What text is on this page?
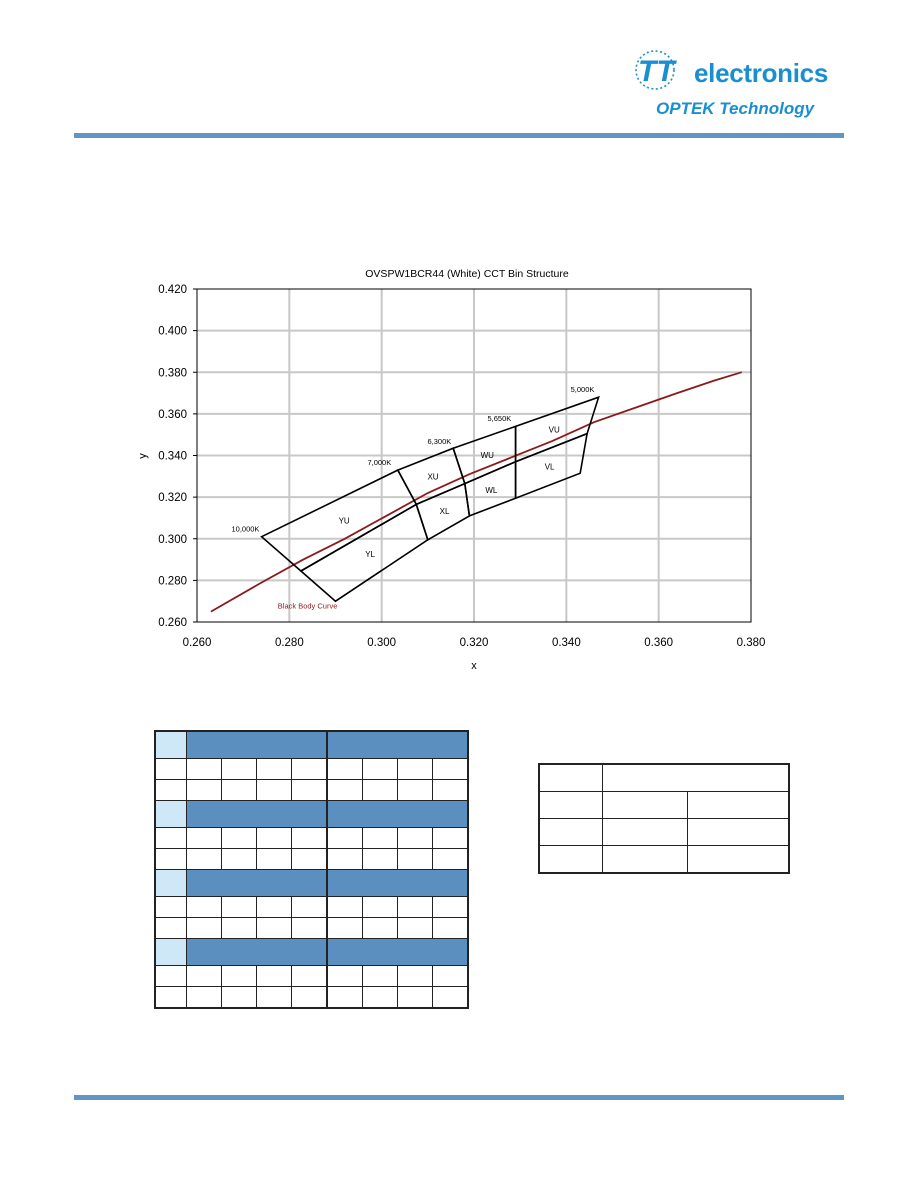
TT electronics
OPTEK Technology
OVSPW1BCR44 (White) CCT Bin Structure
0.260	0.280	0.300	0.320	0.340	0.360	0.380
0.260
0.280
0.300
0.320
0.340
0.360
0.380
0.400
0.420
x
y
YU
YL
XU
XL
WU
WL
VU
VL
10,000K
7,000K
6,300K
5,650K
5,000K
Black Body Curve
